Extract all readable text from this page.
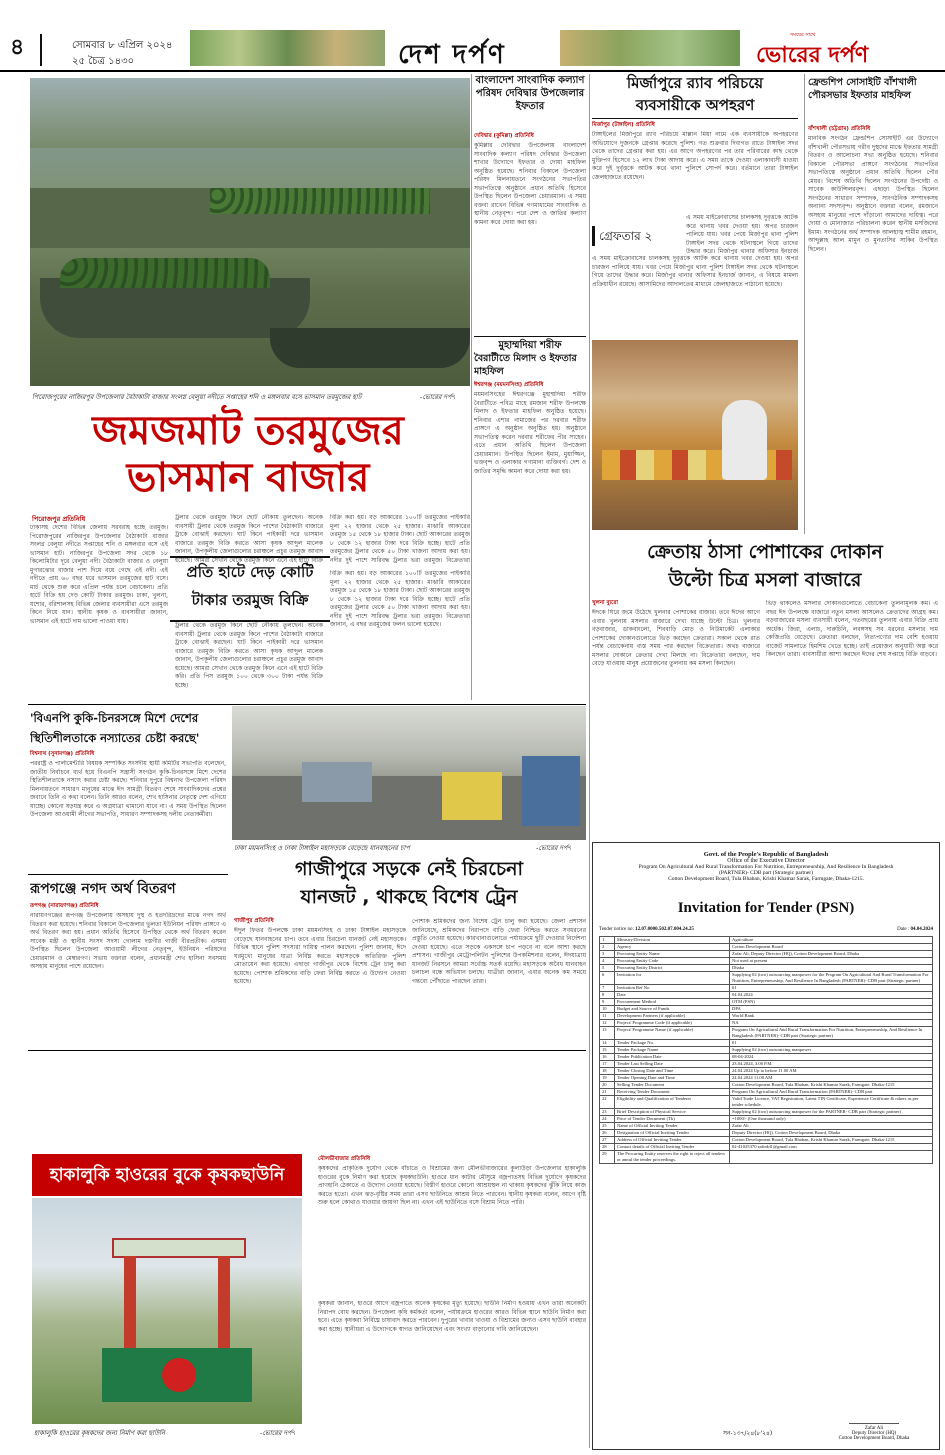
৪	সোমবার ৮ এপ্রিল ২০২৪
২৫ চৈত্র ১৪৩০	দেশ দর্পণ
সময়ের সাথে
ভোরের দর্পণ
পিরোজপুরের নাজিরপুর উপজেলার বৈঠাকাটা বাজার সংলগ্ন বেলুয়া নদীতে সপ্তাহের শনি ও মঙ্গলবার বসে ভাসমান তরমুজের হাট	-ভোরের দর্পণ
জমজমাট তরমুজের
ভাসমান বাজার
পিরোজপুর প্রতিনিধি
ঢাকাসহ দেশের বিভিন্ন জেলায় সরবরাহ হচ্ছে তরমুজ। পিরোজপুরের নাজিরপুর উপজেলার বৈঠাকাটা বাজার সংলগ্ন বেলুয়া নদীতে সপ্তাহের শনি ও মঙ্গলবার বসে এই ভাসমান হাট। নাজিরপুর উপজেলা সদর থেকে ১৮ কিলোমিটার দূরে বেলুয়া নদী। বৈঠাকাটা বাজার ও বেলুয়া মুগারঝোর বাজার পাশ দিয়ে বয়ে গেছে এই নদী। এই নদীতে প্রায় ৬০ বছর ধরে ভাসমান তরমুজের হাট বসে। মার্চ থেকে শুরু করে এপ্রিল পর্যন্ত চলে বেচাকেনা। প্রতি হাটে বিক্রি হয় দেড় কোটি টাকার তরমুজ। ঢাকা, খুলনা, যশোর, বরিশালসহ বিভিন্ন জেলার ব্যবসায়ীরা এসে তরমুজ কিনে নিয়ে যান। স্থানীয় কৃষক ও ব্যবসায়ীরা জানান, ভাসমান এই হাটে দাম ভালো পাওয়া যায়।
ট্রলার থেকে তরমুজ কিনে ছোট নৌকায় তুলছেন। অনেক ব্যবসায়ী ট্রলার থেকে তরমুজ কিনে পাশের বৈঠাকাটা বাজারে ট্রাকে বোঝাই করছেন। ঘাট কিনে পাইকারী দরে ভাসমান বাজারে তরমুজ বিক্রি করতে আসা কৃষক আব্দুল মালেক জানান, উপকূলীয় জেলাগুলোর চরাঞ্চলে প্রচুর তরমুজ আবাদ হয়েছে। আমরা সেখান থেকে তরমুজ কিনে এনে এই হাটে বিক্রি
বিক্রি করা হয়। বড় আকারের ১০০টি তরমুজের পাইকারি মূল্য ২২ হাজার থেকে ২৫ হাজার। মাঝারি আকারের তরমুজ ১৫ থেকে ১৮ হাজার টাকা। ছোট আকারের তরমুজ ৮ থেকে ১২ হাজার টাকা দরে বিক্রি হচ্ছে। হাটে প্রতি তরমুজের ট্রলার থেকে ৫০ টাকা খাজনা আদায় করা হয়। নদীর দুই পাশে সারিবদ্ধ ট্রলার ভরা তরমুজ। বিক্রেতারা
প্রতি হাটে দেড় কোটি
টাকার তরমুজ বিক্রি
ট্রলার থেকে তরমুজ কিনে ছোট নৌকায় তুলছেন। অনেক ব্যবসায়ী ট্রলার থেকে তরমুজ কিনে পাশের বৈঠাকাটা বাজারে ট্রাকে বোঝাই করছেন। ঘাট কিনে পাইকারী দরে ভাসমান বাজারে তরমুজ বিক্রি করতে আসা কৃষক আব্দুল মালেক জানান, উপকূলীয় জেলাগুলোর চরাঞ্চলে প্রচুর তরমুজ আবাদ হয়েছে। আমরা সেখান থেকে তরমুজ কিনে এনে এই হাটে বিক্রি করি। প্রতি পিস তরমুজ ১০০ থেকে ৩০০ টাকা পর্যন্ত বিক্রি হচ্ছে।
বিক্রি করা হয়। বড় আকারের ১০০টি তরমুজের পাইকারি মূল্য ২২ হাজার থেকে ২৫ হাজার। মাঝারি আকারের তরমুজ ১৫ থেকে ১৮ হাজার টাকা। ছোট আকারের তরমুজ ৮ থেকে ১২ হাজার টাকা দরে বিক্রি হচ্ছে। হাটে প্রতি তরমুজের ট্রলার থেকে ৫০ টাকা খাজনা আদায় করা হয়। নদীর দুই পাশে সারিবদ্ধ ট্রলার ভরা তরমুজ। বিক্রেতারা জানান, এ বছর তরমুজের ফলন ভালো হয়েছে।
বাংলাদেশ সাংবাদিক কল্যাণ পরিষদ দেবিদ্বার উপজেলার ইফতার
দেবিদ্বার (কুমিল্লা) প্রতিনিধি
কুমিল্লার দেবিদ্বার উপজেলায় বাংলাদেশ সাংবাদিক কল্যাণ পরিষদ দেবিদ্বার উপজেলা শাখার উদ্যোগে ইফতার ও দোয়া মাহফিল অনুষ্ঠিত হয়েছে। শনিবার বিকালে উপজেলা পরিষদ মিলনায়তনে সংগঠনের সভাপতির সভাপতিত্বে অনুষ্ঠানে প্রধান অতিথি হিসেবে উপস্থিত ছিলেন উপজেলা চেয়ারম্যান। এ সময় বক্তব্য রাখেন বিভিন্ন গণমাধ্যমের সাংবাদিক ও স্থানীয় নেতৃবৃন্দ। পরে দেশ ও জাতির কল্যাণ কামনা করে দোয়া করা হয়।
মির্জাপুরে র‌্যাব পরিচয়ে
ব্যবসায়ীকে অপহরণ
মির্জাপুর (টাঙ্গাইল) প্রতিনিধি
টাঙ্গাইলের মির্জাপুরে র‌্যাব পরিচয়ে মাল্লান মিয়া নামে এক ব্যবসায়ীকে অপহরণের অভিযোগে দুজনকে গ্রেপ্তার করেছে পুলিশ। গত শুক্রবার দিবাগত রাতে টাঙ্গাইল সদর থেকে তাদের গ্রেপ্তার করা হয়। এর আগে অপহরণের পর তার পরিবারের কাছ থেকে মুক্তিপণ হিসেবে ১২ লাখ টাকা আদায় করে। এ সময় তাকে দেওয়া এলাকাবাসী ধাওয়া করে দুই দুর্বৃত্তকে আটক করে থানা পুলিশে সোপর্দ করে। বর্তমানে তারা টাঙ্গাইল জেলহাজতে রয়েছেন।
গ্রেফতার ২
এ সময় মাইক্রোবাসের চালকসহ দুবৃত্তকে আটক করে থানায় খবর দেওয়া হয়। অপর চারজন পালিয়ে যায়। খবর পেয়ে মির্জাপুর থানা পুলিশ টাঙ্গাইল সদর থেকে ঘটনাস্থলে গিয়ে তাদের উদ্ধার করে। মির্জাপুর থানার অফিসার ইনচার্জ
এ সময় মাইক্রোবাসের চালকসহ দুবৃত্তকে আটক করে থানায় খবর দেওয়া হয়। অপর চারজন পালিয়ে যায়। খবর পেয়ে মির্জাপুর থানা পুলিশ টাঙ্গাইল সদর থেকে ঘটনাস্থলে গিয়ে তাদের উদ্ধার করে। মির্জাপুর থানার অফিসার ইনচার্জ জানান, এ বিষয়ে মামলা প্রক্রিয়াধীন রয়েছে। আসামিদের আদালতের মাধ্যমে জেলহাজতে পাঠানো হয়েছে।
ফ্রেন্ডশিপ সোসাইটি বাঁশখালী পৌরসভার ইফতার মাহফিল
বাঁশখালী (চট্টগ্রাম) প্রতিনিধি
মানবিক সংগঠন ফ্রেন্ডশিপ সোসাইটি এর উদ্যোগে বাঁশখালী পৌরসভায় গরীব দুস্থদের মাঝে ইফতার সামগ্রী বিতরণ ও আলোচনা সভা অনুষ্ঠিত হয়েছে। শনিবার বিকালে পৌরসভা প্রাঙ্গণে সংগঠনের সভাপতির সভাপতিত্বে অনুষ্ঠানে প্রধান অতিথি ছিলেন পৌর মেয়র। বিশেষ অতিথি ছিলেন সংগঠনের উপদেষ্টা ও সাবেক কাউন্সিলরবৃন্দ। এছাড়া উপস্থিত ছিলেন সংগঠনের সাধারণ সম্পাদক, সাংগঠনিক সম্পাদকসহ অন্যান্য সদস্যবৃন্দ। অনুষ্ঠানে বক্তারা বলেন, রমজানে অসহায় মানুষের পাশে দাঁড়ানো আমাদের দায়িত্ব। পরে দোয়া ও মোনাজাত পরিচালনা করেন স্থানীয় মসজিদের ইমাম। সংগঠনের অর্থ সম্পাদক আলহাজ্ব শামীম রহমান, আব্দুল্লাহ আল মামুন ও মুনতাসির সাকিব উপস্থিত ছিলেন।
মুহাম্মদিয়া শরীফ
বৈরাটীতে মিলাদ ও ইফতার মাহফিল
ঈশ্বরগঞ্জ (ময়মনসিংহ) প্রতিনিধি
ময়মনসিংহের ঈশ্বরগঞ্জে মুহাম্মদিয়া শরীফ বৈরাটীতে পবিত্র মাহে রমজান শরীফ উপলক্ষে মিলাদ ও ইফতার মাহফিল অনুষ্ঠিত হয়েছে। শনিবার এশার নামাজের পর দরবার শরীফ প্রাঙ্গণে এ অনুষ্ঠান অনুষ্ঠিত হয়। অনুষ্ঠানে সভাপতিত্ব করেন দরবার শরীফের পীর সাহেব। এতে প্রধান অতিথি ছিলেন উপজেলা চেয়ারম্যান। উপস্থিত ছিলেন ইমাম, মুয়াজ্জিন, ভক্তবৃন্দ ও এলাকার গণ্যমান্য ব্যক্তিবর্গ। দেশ ও জাতির সমৃদ্ধি কামনা করে দোয়া করা হয়।
ক্রেতায় ঠাসা পোশাকের দোকান
উল্টো চিত্র মসলা বাজারে
খুলনা ব্যুরো
ঈদকে ঘিরে জমে উঠেছে খুলনার পোশাকের বাজার। তবে ঈদের আগে এবার খুলনায় মসলার বাজারে দেখা যাচ্ছে উল্টো চিত্র। খুলনার বড়বাজার, ডাকবাংলো, শিববাড়ি মোড় ও নিউমার্কেট এলাকার পোশাকের দোকানগুলোতে ভিড় করছেন ক্রেতারা। সকাল থেকে রাত পর্যন্ত বেচাকেনায় ব্যস্ত সময় পার করছেন বিক্রেতারা। অথচ বাজারে মসলার দোকানে ক্রেতার দেখা মিলছে না। বিক্রেতারা বলছেন, দাম বেড়ে যাওয়ায় মানুষ প্রয়োজনের তুলনায় কম মসলা কিনছেন।
ভিড় থাকলেও মসলার দোকানগুলোতে বেচাকেনা তুলনামূলক কম। এ বছর ঈদ উপলক্ষে বাজারে নতুন মসলা আসলেও ক্রেতাদের আগ্রহ কম। বড়বাজারের মসলা ব্যবসায়ী বলেন, গতবছরের তুলনায় এবার বিক্রি প্রায় অর্ধেক। জিরা, এলাচ, দারুচিনি, লবঙ্গসহ সব ধরনের মসলার দাম কেজিপ্রতি বেড়েছে। ক্রেতারা বলছেন, নিত্যপণ্যের দাম বেশি হওয়ায় বাজেট সামলাতে হিমশিম খেতে হচ্ছে। তাই প্রয়োজন অনুযায়ী অল্প করে কিনছেন তারা। ব্যবসায়ীরা আশা করছেন ঈদের শেষ সপ্তাহে বিক্রি বাড়বে।
'বিএনপি কুকি-চিনরসঙ্গে মিশে দেশের
স্থিতিশীলতাকে নস্যাতের চেষ্টা করছে'
বিশ্বনাথ (সুনামগঞ্জ) প্রতিনিধি
পররাষ্ট্র ও পার্লামেন্টারি বিষয়ক সম্পর্কিত সংসদীয় স্থায়ী কমিটির সভাপতি বলেছেন, জাতীয় নির্বাচনে ব্যর্থ হয়ে বিএনপি সন্ত্রাসী সংগঠন কুকি-চিনরসঙ্গে মিশে দেশের স্থিতিশীলতাকে নস্যাৎ করার চেষ্টা করছে। শনিবার দুপুরে বিশ্বনাথ উপজেলা পরিষদ মিলনায়তনে সাধারণ মানুষের মাঝে ঈদ সামগ্রী বিতরণ শেষে সাংবাদিকদের প্রশ্নের জবাবে তিনি এ কথা বলেন। তিনি আরও বলেন, শেখ হাসিনার নেতৃত্বে দেশ এগিয়ে যাচ্ছে। কোনো ষড়যন্ত্র করে এ অগ্রযাত্রা থামানো যাবে না। এ সময় উপস্থিত ছিলেন উপজেলা আওয়ামী লীগের সভাপতি, সাধারণ সম্পাদকসহ দলীয় নেতাকর্মীরা।
রূপগঞ্জে নগদ অর্থ বিতরণ
রূপগঞ্জ (নারায়ণগঞ্জ) প্রতিনিধি
নারায়ণগঞ্জের রূপগঞ্জ উপজেলায় অসহায় দুস্থ ও হতদরিদ্রদের মাঝে নগদ অর্থ বিতরণ করা হয়েছে। শনিবার বিকালে উপজেলার ভুলতা ইউনিয়ন পরিষদ প্রাঙ্গণে এ অর্থ বিতরণ করা হয়। প্রধান অতিথি হিসেবে উপস্থিত থেকে অর্থ বিতরণ করেন সাবেক মন্ত্রী ও স্থানীয় সংসদ সদস্য গোলাম দস্তগীর গাজী বীরপ্রতীক। এসময় উপস্থিত ছিলেন উপজেলা আওয়ামী লীগের নেতৃবৃন্দ, ইউনিয়ন পরিষদের চেয়ারম্যান ও মেম্বারগণ। সভায় বক্তারা বলেন, প্রধানমন্ত্রী শেখ হাসিনা সবসময় অসহায় মানুষের পাশে রয়েছেন।
ঢাকা ময়মনসিংহ ও ঢাকা টাঙ্গাইল মহাসড়কে বেড়েছে যানবাহনের চাপ	-ভোরের দর্পণ
গাজীপুরে সড়কে নেই চিরচেনা
যানজট , থাকছে বিশেষ ট্রেন
গাজীপুর প্রতিনিধি
ঈদুল ফিতর উপলক্ষে ঢাকা ময়মনসিংহ ও ঢাকা টাঙ্গাইল মহাসড়কে বেড়েছে যানবাহনের চাপ। তবে এবার চিরচেনা যানজট নেই মহাসড়কে। বিভিন্ন স্থানে পুলিশ সদস্যরা দায়িত্ব পালন করছেন। পুলিশ জানায়, ঈদে ঘরমুখো মানুষের যাত্রা নির্বিঘ্ন করতে মহাসড়কে অতিরিক্ত পুলিশ মোতায়েন করা হয়েছে। এছাড়া গাজীপুর থেকে বিশেষ ট্রেন চালু করা হয়েছে। পোশাক শ্রমিকদের বাড়ি ফেরা নির্বিঘ্ন করতে এ উদ্যোগ নেওয়া হয়েছে।
পোশাক শ্রমিকদের জন্য বিশেষ ট্রেন চালু করা হয়েছে। জেলা প্রশাসন জানিয়েছে, শ্রমিকদের নিরাপদে বাড়ি ফেরা নিশ্চিত করতে সবধরনের প্রস্তুতি নেওয়া হয়েছে। কারখানাগুলোতে পর্যায়ক্রমে ছুটি দেওয়ার নির্দেশনা দেওয়া হয়েছে। এতে সড়কে একসঙ্গে চাপ পড়বে না বলে আশা করছে প্রশাসন। গাজীপুর মেট্রোপলিটন পুলিশের উপকমিশনার বলেন, ঈদযাত্রায় যানজট নিরসনে আমরা সর্বোচ্চ সতর্ক রয়েছি। মহাসড়কে অবৈধ যানবাহন চলাচল বন্ধে অভিযান চলছে। যাত্রীরা জানান, এবার অনেক কম সময়ে গন্তব্যে পৌঁছাতে পারছেন তারা।
হাকালুকি হাওরের বুকে কৃষকছাউনি
হাকালুকি হাওরের কৃষকদের জন্য নির্মাণ করা ছাউনি	-ভোরের দর্পণ
মৌলভীবাজার প্রতিনিধি
কৃষকদের প্রাকৃতিক দুর্যোগ থেকে বাঁচাতে ও বিশ্রামের জন্য মৌলভীবাজারের কুলাউড়া উপজেলার হাকালুকি হাওরের বুকে নির্মাণ করা হয়েছে কৃষকছাউনি। হাওরে ধান কাটার মৌসুমে বজ্রপাতসহ বিভিন্ন দুর্যোগে কৃষকদের প্রাণহানি ঠেকাতে এ উদ্যোগ নেওয়া হয়েছে। বিস্তীর্ণ হাওরে কোনো আশ্রয়স্থল না থাকায় কৃষকদের ঝুঁকি নিয়ে কাজ করতে হতো। এখন ঝড়-বৃষ্টির সময় তারা এসব ছাউনিতে আশ্রয় নিতে পারবেন। স্থানীয় কৃষকরা বলেন, আগে বৃষ্টি শুরু হলে কোথাও যাওয়ার জায়গা ছিল না। এখন এই ছাউনিতে বসে বিশ্রাম নিতে পারি।
কৃষকরা জানান, হাওরে আগে বজ্রপাতে অনেক কৃষকের মৃত্যু হয়েছে। ছাউনি নির্মাণ হওয়ায় এখন তারা অনেকটা নিরাপদ বোধ করছেন। উপজেলা কৃষি কর্মকর্তা বলেন, পর্যায়ক্রমে হাওরের আরও বিভিন্ন স্থানে ছাউনি নির্মাণ করা হবে। এতে কৃষকরা নির্বিঘ্নে চাষাবাদ করতে পারবেন। দুপুরের খাবার খাওয়া ও বিশ্রামের জন্যও এসব ছাউনি ব্যবহার করা হচ্ছে। স্থানীয়রা এ উদ্যোগকে স্বাগত জানিয়েছেন এবং সংখ্যা বাড়ানোর দাবি জানিয়েছেন।
Govt. of the People's Republic of Bangladesh
Office of the Executive Director
Program On Agricultural And Rural Transformation For Nutrition, Entrepreneurship, And Resilience In Bangladesh
(PARTNER)- CDB part (Strategic partner)
Cotton Development Board, Tula Bhaban, Krishi Khamar Sarak, Farmgate, Dhaka-1215.
Invitation for Tender (PSN)
Tender notice no: 12.07.0000.502.07.004.24.25	Date : 04.04.2024
1	Ministry/Division	Agriculture
2	Agency	Cotton Development Board
3	Procuring Entity Name	Zafar Ali, Deputy Director (HQ), Cotton Development Board, Dhaka
4	Procuring Entity Code	Not used at present
5	Procuring Entity District	Dhaka
6	Invitation for	Supplying 02 (two) outsourcing manpower for the Program On Agricultural And Rural Transformation For Nutrition, Entrepreneurship, And Resilience In Bangladesh (PARTNER)- CDB part (Strategic partner)
7	Invitation Ref No	01
8	Date	04.04.2024
9	Procurement Method	OTM (PSN)
10	Budget and Source of Funds	DPA
11	Development Partners (if applicable)	World Bank
12	Project/ Programme Code (if applicable)	NA
13	Project/ Programme Name (if applicable)	Program On Agricultural And Rural Transformation For Nutrition, Entrepreneurship, And Resilience In Bangladesh (PARTNER)- CDB part (Strategic partner)
14	Tender Package No.	01
15	Tender Package Name	Supplying 02 (two) outsourcing manpower
16	Tender Publication Date	08-04-2024
17	Tender Last Selling Date	23.04.2024, 3.00 P.M.
18	Tender Closing Date and Time	24.04.2024 Up to before 11.00 AM
19	Tender Opening Date and Time	24.04.2024 11.00 AM
20	Selling Tender Document	Cotton Development Board, Tula Bhaban, Krishi Khamar Sarak, Farmgate, Dhaka-1215
21	Receiving Tender Document	Program On Agricultural And Rural Transformation (PARTNER)- CDB part
22	Eligibility and Qualification of Tenderer	Valid Trade Licence, VAT Registration, Latest TIN Certificate, Experience Certificate & others as per tender schedule.
23	Brief Description of Physical Service	Supplying 02 (two) outsourcing manpower for the PARTNER- CDB part (Strategic partner)
24	Price of Tender Document (Tk)	=1000/- (One thousand only)
25	Name of Official Inviting Tender	Zafar Ali
26	Designation of Official Inviting Tender	Deputy Director (HQ), Cotton Development Board, Dhaka
27	Address of Official Inviting Tender	Cotton Development Board, Tula Bhaban, Krishi Khamar Sarak, Farmgate, Dhaka-1215
28	Contact details of Official Inviting Tender	02-41025370 zafirdd1@gmail.com
29	The Procuring Entity reserves the right to reject all tenders or annul the tender proceedings.	
Zafar Ali
Deputy Director (HQ)
Cotton Development Board, Dhaka
সন-১৩৭/২৪(৮'২৪)
